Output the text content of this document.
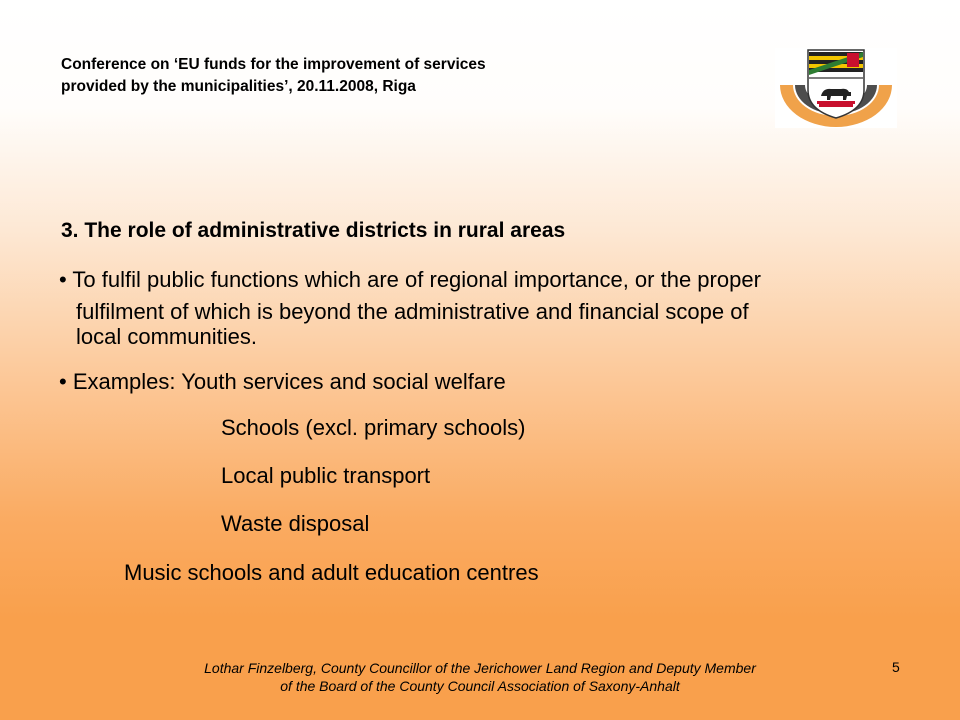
Conference on ‘EU funds for the improvement of services
provided by the municipalities’, 20.11.2008, Riga
3. The role of administrative districts in rural areas
• To fulfil public functions which are of regional importance, or the proper
fulfilment of which is beyond the administrative and financial scope of
local communities.
• Examples: Youth services and social welfare
Schools (excl. primary schools)
Local public transport
Waste disposal
Music schools and adult education centres
Lothar Finzelberg, County Councillor of the Jerichower Land Region and Deputy Member
of the Board of the County Council Association of Saxony-Anhalt
5
